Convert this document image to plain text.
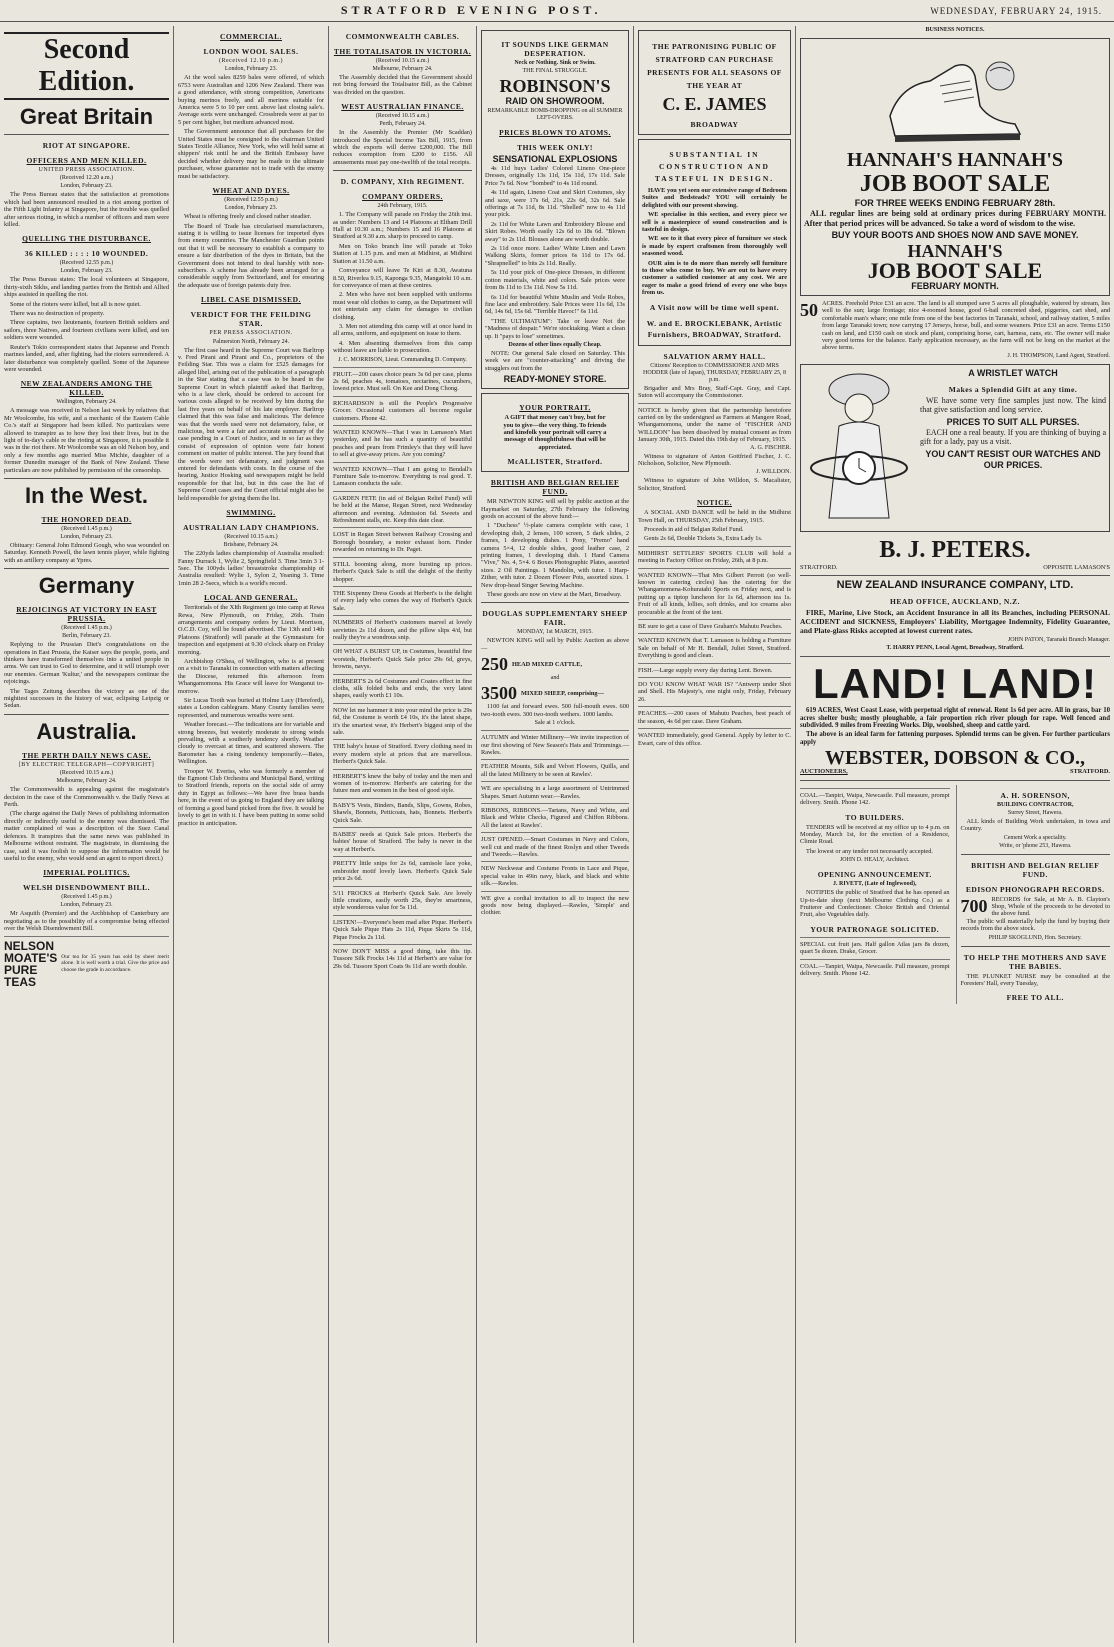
STRATFORD EVENING POST.	WEDNESDAY, FEBRUARY 24, 1915.
Second Edition.
Great Britain
RIOT AT SINGAPORE.
OFFICERS AND MEN KILLED.
UNITED PRESS ASSOCIATION.
(Received 12.20 a.m.)
London, February 23.

The Press Bureau states that the satisfaction at promotions which had been announced resulted in a riot among portion of the Fifth Light Infantry at Singapore, but the trouble was quelled after serious rioting, in which a number of officers and men were killed.

QUELLING THE DISTURBANCE.
36 KILLED : : : : 10 WOUNDED.
(Received 12.55 p.m.)
London, February 23.

The Press Bureau states: The local volunteers at Singapore, thirty-sixth Sikhs, and landing parties from the British and Allied ships assisted in quelling the riot.

Some of the rioters were killed, but all is now quiet.

There was no destruction of property.

Three captains, two lieutenants, fourteen British soldiers and sailors, three Natives, and fourteen civilians were killed, and ten soldiers were wounded.

Reuter's Tokio correspondent states that Japanese and French marines landed, and, after fighting, had the rioters surrendered. A later disturbance was completely quelled. Some of the Japanese were wounded.

NEW ZEALANDERS AMONG THE KILLED.
Wellington, February 24.

A message was received in Nelson last week by relatives that Mr Woolcombe, his wife, and a mechanic of the Eastern Cable Co.'s staff at Singapore had been killed. No particulars were allowed to transpire as to how they lost their lives, but in the light of to-day's cable re the rioting at Singapore, it is possible it was in the riot there. Mr Woolcombe was an old Nelson boy, and only a few months ago married Miss Michie, daughter of a former Dunedin manager of the Bank of New Zealand. These particulars are now published by permission of the censorship.

In the West.
THE HONORED DEAD.
(Received 1.45 p.m.)
London, February 23.

Obituary: General John Edmond Gough, who was wounded on Saturday. Kenneth Powell, the lawn tennis player, while fighting with an artillery company at Ypres.

Germany
REJOICINGS AT VICTORY IN EAST PRUSSIA.
(Received 1.45 p.m.)
Berlin, February 23.

Replying to the Prussian Diet's congratulations on the operations in East Prussia, the Kaiser says the people, poets, and thinkers have transformed themselves into a united people in arms. We can trust to God to determine, and it will triumph over our enemies. German 'Kultur,' and the newspapers continue the rejoicings.

The Tages Zeitung describes the victory as one of the mightiest successes in the history of war, eclipsing Leipzig or Sedan.

Australia.
THE PERTH DAILY NEWS CASE.
[BY ELECTRIC TELEGRAPH—COPYRIGHT]
(Received 10.15 a.m.)
Melbourne, February 24.

The Commonwealth is appealing against the magistrate's decision in the case of the Commonwealth v. the Daily News at Perth.

(The charge against the Daily News of publishing information directly or indirectly useful to the enemy was dismissed. The matter complained of was a description of the Suez Canal defences. It transpires that the same news was published in Melbourne without restraint. The magistrate, in dismissing the case, said it was foolish to suppose the information would be useful to the enemy, who would send an agent to report direct.)

IMPERIAL POLITICS.
WELSH DISENDOWMENT BILL.
(Received 1.45 p.m.)
London, February 23.

Mr Asquith (Premier) and the Archbishop of Canterbury are negotiating as to the possibility of a compromise being effected over the Welsh Disendowment Bill.

NELSON MOATE'S PURE TEAS
Our tea for 35 years has sold by sheer merit alone. It is well worth a trial. Give the price and choose the grade in accordance.
COMMERCIAL.
LONDON WOOL SALES.
(Received 12.10 p.m.)
London, February 23.

At the wool sales 8259 bales were offered, of which 6753 were Australian and 1206 New Zealand. There was a good attendance, with strong competition, Americans buying merinos freely, and all merinos suitable for America were 5 to 10 per cent. above last closing sale's. Average sorts were unchanged. Crossbreds were at par to 5 per cent higher, but medium advanced most.

The Government announce that all purchases for the United States must be consigned to the chairman United States Textile Alliance, New York, who will hold same at shippers' risk until he and the British Embassy have decided whether delivery may be made to the ultimate purchaser, whose guarantee not to trade with the enemy must be satisfactory.

WHEAT AND DYES.
(Received 12.55 p.m.)
London, February 23.

Wheat is offering freely and closed rather steadier.

The Board of Trade has circularised manufacturers, stating it is willing to issue licenses for imported dyes from enemy countries. The Manchester Guardian points out that it will be necessary to establish a company to ensure a fair distribution of the dyes in Britain, but the Government does not intend to deal harshly with non-subscribers. A scheme has already been arranged for a considerable supply from Switzerland, and for ensuring the adequate use of foreign patents duty free.

LIBEL CASE DISMISSED.
VERDICT FOR THE FEILDING STAR.
PER PRESS ASSOCIATION.
Palmerston North, February 24.

The first case heard in the Supreme Court was Barltrop v. Fred Pirani and Pirani and Co., proprietors of the Feilding Star. This was a claim for £525 damages for alleged libel, arising out of the publication of a paragraph in the Star stating that a case was to be heard in the Supreme Court in which plaintiff asked that Barltrop, who is a law clerk, should be ordered to account for various costs alleged to be received by him during the last five years on behalf of his late employer. Barltrop claimed that this was false and malicious. The defence was that the words used were not defamatory, false, or malicious, but were a fair and accurate summary of the case pending in a Court of Justice, and in so far as they consist of expression of opinion were fair honest comment on matter of public interest. The jury found that the words were not defamatory, and judgment was entered for defendants with costs. In the course of the hearing, Justice Hosking said newspapers might be held responsible for that list, but in this case the list of Supreme Court cases and the Court official might also be held responsible for giving them the list.

SWIMMING.
AUSTRALIAN LADY CHAMPIONS.
(Received 10.15 a.m.)
Brisbane, February 24.

The 220yds ladies championship of Australia resulted: Fanny Durrack 1, Wylie 2, Springfield 3. Time 3min 3 1-5sec. The 100yds ladies' breaststroke championship of Australia resulted: Wylie 1, Sylon 2, Yeaning 3. Time 1min 28 2-5secs, which is a world's record.

LOCAL AND GENERAL.

Territorials of the XIth Regiment go into camp at Rewa Rewa, New Plymouth, on Friday, 26th. Train arrangements and company orders by Lieut. Morrison, O.C.D. Coy, will be found advertised. The 13th and 14th Platoons (Stratford) will parade at the Gymnasium for inspection and equipment at 9.30 o'clock sharp on Friday morning.

Archbishop O'Shea, of Wellington, who is at present on a visit to Taranaki in connection with matters affecting the Diocese, returned this afternoon from Whangamomona. His Grace will leave for Wanganui to-morrow.

Sir Lucas Tooth was buried at Holme Lacy (Hereford), states a London cablegram. Many County families were represented, and numerous wreaths were sent.

Weather forecast.—The indications are for variable and strong breezes, but westerly moderate to strong winds prevailing, with a southerly tendency shortly. Weather cloudy to overcast at times, and scattered showers. The Barometer has a rising tendency temporarily.—Bates, Wellington.

Trooper W. Everiss, who was formerly a member of the Egmont Club Orchestra and Municipal Band, writing to Stratford friends, reports on the social side of army duty in Egypt as follows:—We have five brass bands here, in the event of us going to England they are talking of forming a good band picked from the five. It would be lovely to get in with it. I have been putting in some solid practice in anticipation.

COMMONWEALTH CABLES.
THE TOTALISATOR IN VICTORIA.
(Received 10.15 a.m.)
Melbourne, February 24.

The Assembly decided that the Government should not bring forward the Totalisator Bill, as the Cabinet was divided on the question.

WEST AUSTRALIAN FINANCE.
(Received 10.15 a.m.)
Perth, February 24.

In the Assembly the Premier (Mr Scaddan) introduced the Special Income Tax Bill, 1915, from which the exports will derive £200,000. The Bill reduces exemption from £200 to £156. All amusements must pay one-twelfth of the total receipts.

D. COMPANY, XIth REGIMENT.
COMPANY ORDERS.
24th February, 1915.

1. The Company will parade on Friday the 26th inst. as under: Numbers 13 and 14 Platoons at Eltham Drill Hall at 10.30 a.m.; Numbers 15 and 16 Platoons at Stratford at 9.30 a.m. sharp to proceed to camp.

Men on Toko branch line will parade at Toko Station at 1.15 p.m. and men at Midhirst, at Midhirst Station at 11.50 a.m.

Conveyance will leave Te Kiri at 8.30, Awatuna 8.50, Riverlea 9.15, Kaponga 9.35, Mangatoki 10 a.m. for conveyance of men at these centres.

2. Men who have not been supplied with uniforms must wear old clothes to camp, as the Department will not entertain any claim for damages to civilian clothing.

3. Men not attending this camp will at once hand in all arms, uniform, and equipment on issue to them.

4. Men absenting themselves from this camp without leave are liable to prosecution.

J. C. MORRISON, Lieut. Commanding D. Company.
FRUIT.—200 cases choice pears 3s 6d per case, plums 2s 6d, peaches 4s, tomatoes, nectarines, cucumbers, lowest price. Must sell. On Kee and Dong Chong.
RICHARDSON is still the People's Progressive Grocer. Occasional customers all become regular customers. Phone 42.
WANTED KNOWN—That I was in Lamason's Mart yesterday, and he has such a quantity of beautiful peaches and pears from Frimley's that they will have to sell at give-away prices. Are you coming?
WANTED KNOWN—That I am going to Bendall's Furniture Sale to-morrow. Everything is real good. T. Lamason conducts the sale.
GARDEN FETE (in aid of Belgian Relief Fund) will be held at the Manse, Regan Street, next Wednesday afternoon and evening. Admission 6d. Sweets and Refreshment stalls, etc. Keep this date clear.
LOST in Regan Street between Railway Crossing and Borough boundary, a motor exhaust horn. Finder rewarded on returning to Dr. Paget.
STILL booming along, more bursting up prices. Herbert's Quick Sale is still the delight of the thrifty shopper.
THE Sixpenny Dress Goods at Herbert's is the delight of every lady who comes the way of Herbert's Quick Sale.
NUMBERS of Herbert's customers marvel at lovely serviettes 2s 11d dozen, and the pillow slips 4/d, but really they're a wondrous snip.
OH WHAT A BURST UP, in Costumes, beautiful fine worsteds, Herbert's Quick Sale price 29s 6d, greys, browns, navys.
HERBERT'S 2s 6d Costumes and Coates effect in fine cloths, silk folded belts and ends, the very latest shapes, easily worth £1 10s.
NOW let me hammer it into your mind the price is 29s 6d, the Costume is worth £4 10s, it's the latest shape, it's the smartest wear, it's Herbert's biggest snip of the sale.
THE baby's house of Stratford. Every clothing need in every modern style at prices that are marvellous. Herbert's Quick Sale.
HERBERT'S knew the baby of today and the men and women of to-morrow. Herbert's are catering for the future men and women in the best of good style.
BABY'S Vests, Binders, Bands, Slips, Gowns, Robes, Shawls, Bonnets, Petticoats, hats, Bonnets. Herbert's Quick Sale.
BABIES' needs at Quick Sale prices. Herbert's the babies' house of Stratford. The baby is never in the way at Herbert's.
PRETTY little snips for 2s 6d, camisole lace yoke, embroider motif lovely lawn. Herbert's Quick Sale price 2s 6d.
5/11 FROCKS at Herbert's Quick Sale. Are lovely little creations, easily worth 25s, they're smartness, style wonderous value for 5s 11d.
LISTEN!—Everyone's been mad after Pique. Herbert's Quick Sale Pique Hats 2s 11d, Pique Skirts 5s 11d, Pique Frocks 2s 11d.
NOW DON'T MISS a good thing, take this tip. Tussore Silk Frocks 14s 11d at Herbert's are value for 29s 6d. Tussore Sport Coats 9s 11d are worth double.
IT SOUNDS LIKE GERMAN DESPERATION.
Neck or Nothing. Sink or Swim.
THE FINAL STRUGGLE.
ROBINSON'S
RAID ON SHOWROOM.
REMARKABLE BOMB-DROPPING on all SUMMER LEFT-OVERS.
PRICES BLOWN TO ATOMS.
THIS WEEK ONLY!
SENSATIONAL EXPLOSIONS

4s 11d buys Ladies' Colored Lineno One-piece Dresses, originally 13s 11d, 15s 11d, 17s 11d. Sale Price 7s 6d. Now "bombed" to 4s 11d round.

4s 11d again, Lineno Coat and Skirt Costumes, sky and saxe, were 17s 6d, 21s, 22s 6d, 32s 6d. Sale offerings at 7s 11d, 8s 11d. "Shelled" now to 4s 11d your pick.

2s 11d for White Lawn and Embroidery Blouse and Skirt Robes. Worth easily 12s 6d to 18s 6d. "Blown away" to 2s 11d. Blouses alone are worth double.

2s 11d once more. Ladies' White Linen and Lawn Walking Skirts, former prices 6s 11d to 17s 6d. "Shrapnelled" to bits 2s 11d. Really.

5s 11d your pick of One-piece Dresses, in different cotton materials, white and colors. Sale prices were from 8s 11d to 13s 11d. Now 5s 11d.

6s 11d for beautiful White Muslin and Voile Robes, fine lace and embroidery. Sale Prices were 11s 6d, 13s 6d, 14s 6d, 15s 6d. "Terrible Havoc!" 6s 11d.

"THE ULTIMATUM": Take or leave Not the "Madness of despair." We're stocktaking. Want a clean up. It "pays to lose" sometimes.

Dozens of other lines equally Cheap.

NOTE: Our general Sale closed on Saturday. This week we are "counter-attacking" and driving the stragglers out from the

READY-MONEY STORE.
YOUR PORTRAIT.
A GIFT that money can't buy, but for you to give—the very thing. To friends and kinsfolk your portrait will carry a message of thoughtfulness that will be appreciated.
McALLISTER, Stratford.
BRITISH AND BELGIAN RELIEF FUND.

MR NEWTON KING will sell by public auction at the Haymarket on Saturday, 27th February the following goods on account of the above fund:—

1 "Duchess" ½-plate camera complete with case, 1 developing dish, 2 lenses, 100 screen, 5 dark slides, 2 frames, 1 developing dishes. 1 Pony, "Premo" hand camera 5×4, 12 double slides, good leather case, 2 printing frames, 1 developing dish. 1 Hand Camera "Vive," No. 4, 5×4. 6 Boxes Photographic Plates, assorted sizes. 2 Oil Paintings. 1 Mandolin, with tutor. 1 Harp-Zither, with tutor. 2 Dozen Flower Pots, assorted sizes. 1 New drop-head Singer Sewing Machine.

These goods are now on view at the Mart, Broadway.

DOUGLAS SUPPLEMENTARY SHEEP FAIR.
MONDAY, 1st MARCH, 1915.

NEWTON KING will sell by Public Auction as above—

250 HEAD MIXED CATTLE,
and
3500 MIXED SHEEP, comprising—

1100 fat and forward ewes. 500 full-mouth ewes. 600 two-tooth ewes. 300 two-tooth wethers. 1000 lambs.

Sale at 1 o'clock.
AUTUMN and Winter Millinery—We invite inspection of our first showing of New Season's Hats and Trimmings.—Rawles.
FEATHER Mounts, Silk and Velvet Flowers, Quills, and all the latest Millinery to be seen at Rawles'.
WE are specialising in a large assortment of Untrimmed Shapes. Smart Autumn wear.—Rawles.
RIBBONS, RIBBONS.—Tartans, Navy and White, and Black and White Checks, Figured and Chiffon Ribbons. All the latest at Rawles'.
JUST OPENED.—Smart Costumes in Navy and Colors, well cut and made of the finest Roslyn and other Tweeds and Tweeds.—Rawles.
NEW Neckwear and Costume Fronts in Lace and Pique, special value in 49in navy, black, and black and white silk.—Rawles.
WE give a cordial invitation to all to inspect the new goods now being displayed.—Rawles, 'Simple' and clothier.
THE PATRONISING PUBLIC OF STRATFORD CAN PURCHASE PRESENTS FOR ALL SEASONS OF THE YEAR AT
C. E. JAMES
BROADWAY
SUBSTANTIAL IN CONSTRUCTION AND TASTEFUL IN DESIGN.

HAVE you yet seen our extensive range of Bedroom Suites and Bedsteads? YOU will certainly be delighted with our present showing.

WE specialise in this section, and every piece we sell is a masterpiece of sound construction and is tasteful in design.

WE see to it that every piece of furniture we stock is made by expert craftsmen from thoroughly well seasoned wood.

OUR aim is to do more than merely sell furniture to those who come to buy. We are out to have every customer a satisfied customer at any cost. We are eager to make a good friend of every one who buys from us.

A Visit now will be time well spent.
W. and E. BROCKLEBANK, Artistic Furnishers, BROADWAY, Stratford.
SALVATION ARMY HALL.
Citizens' Reception to COMMISSIONER AND MRS HODDER (late of Japan), THURSDAY, FEBRUARY 25, 8 p.m.

Brigadier and Mrs Bray, Staff-Capt. Gray, and Capt. Suton will accompany the Commissioner.

NOTICE is hereby given that the partnership heretofore carried on by the undersigned as Farmers at Mangere Road, Whangamomona, under the name of "FISCHER AND WILLDON" has been dissolved by mutual consent as from January 30th, 1915. Dated this 19th day of February, 1915.
A. G. FISCHER.

Witness to signature of Anton Gottfried Fischer, J. C. Nicholson, Solicitor, New Plymouth.

J. WILLDON.

Witness to signature of John Willdon, S. Macalister, Solicitor, Stratford.

NOTICE.

A SOCIAL AND DANCE will be held in the Midhirst Town Hall, on THURSDAY, 25th February, 1915.

Proceeds in aid of Belgian Relief Fund.

Gents 2s 6d, Double Tickets 3s, Extra Lady 1s.

MIDHIRST SETTLERS' SPORTS CLUB will hold a meeting in Factory Office on Friday, 26th, at 8 p.m.
WANTED KNOWN—That Mrs Gilbert Perrott (so well-known in catering circles) has the catering for the Whangamomena-Kohuratahi Sports on Friday next, and is putting up a tiptop luncheon for 1s 6d, afternoon tea 1s. Fruit of all kinds, lollies, soft drinks, and ice creams also procurable at the front of the tent.
BE sure to get a case of Dave Graham's Mahutu Peaches.
WANTED KNOWN that T. Lamason is holding a Furniture Sale on behalf of Mr H. Bendall, Juliet Street, Stratford. Everything is good and clean.
FISH.—Large supply every day during Lent. Bowen.
DO YOU KNOW WHAT WAR IS? "Antwerp under Shot and Shell. His Majesty's, one night only, Friday, February 26.
PEACHES.—200 cases of Mahutu Peaches, best peach of the season, 4s 6d per case. Dave Graham.
WANTED immediately, good General. Apply by letter to C. Ewart, care of this office.
BUSINESS NOTICES.
HANNAH'S HANNAH'S
JOB BOOT SALE
FOR THREE WEEKS ENDING FEBRUARY 28th.

ALL regular lines are being sold at ordinary prices during FEBRUARY MONTH. After that period prices will be advanced. So take a word of wisdom to the wise.

BUY YOUR BOOTS AND SHOES NOW AND SAVE MONEY.
HANNAH'S
JOB BOOT SALE
FEBRUARY MONTH.
50 ACRES. Freehold Price £31 an acre. The land is all stumped save 5 acres all ploughable, watered by stream, lies well to the sun; large frontage; nice 4-roomed house, good 6-bail concreted shed, piggeries, cart shed, and comfortable man's whare; one mile from one of the best factories in Taranaki, school, and railway station, 5 miles from large Taranaki town; now carrying 17 Jerseys, horse, bull, and some weaners. Price £31 an acre. Terms £150 cash on land, and £150 cash on stock and plant, comprising horse, cart, harness, cans, etc. The owner will make very good terms for the balance. Early application necessary, as the farm will not be long on the market at the above terms.
J. H. THOMPSON, Land Agent, Stratford.
A WRISTLET WATCH
Makes a Splendid Gift at any time.

WE have some very fine samples just now. The kind that give satisfaction and long service.

PRICES TO SUIT ALL PURSES.

EACH one a real beauty. If you are thinking of buying a gift for a lady, pay us a visit.

YOU CAN'T RESIST OUR WATCHES AND OUR PRICES.
B. J. PETERS.
STRATFORD.	OPPOSITE LAMASON'S
NEW ZEALAND INSURANCE COMPANY, LTD.
HEAD OFFICE, AUCKLAND, N.Z.

FIRE, Marine, Live Stock, an Accident Insurance in all its Branches, including PERSONAL ACCIDENT and SICKNESS, Employers' Liability, Mortgagee Indemnity, Fidelity Guarantee, and Plate-glass Risks accepted at lowest current rates.

JOHN PATON, Taranaki Branch Manager.
T. HARRY PENN, Local Agent, Broadway, Stratford.
LAND! LAND!

619 ACRES, West Coast Lease, with perpetual right of renewal. Rent 1s 6d per acre. All in grass, bar 10 acres shelter bush; mostly ploughable, a fair proportion rich river plough for rape. Well fenced and subdivided. 9 miles from Freezing Works. Dip, woolshed, sheep and cattle yard.

The above is an ideal farm for fattening purposes. Splendid terms can be given. For further particulars apply

WEBSTER, DOBSON & CO.,
AUCTIONEERS,	STRATFORD.
COAL.—Tanpiri, Waipa, Newcastle. Full measure, prompt delivery. Smith. Phone 142.
TO BUILDERS.

TENDERS will be received at my office up to 4 p.m. on Monday, March 1st, for the erection of a Residence, Climie Road.

The lowest or any tender not necessarily accepted.

JOHN D. HEALY, Architect.
OPENING ANNOUNCEMENT.
J. RIVETT, (Late of Inglewood),

NOTIFIES the public of Stratford that he has opened an Up-to-date shop (next Melbourne Clothing Co.) as a Fruiterer and Confectioner. Choice British and Oriental Fruit, also Vegetables daily.

YOUR PATRONAGE SOLICITED.
SPECIAL cut fruit jars. Half gallon Atlas jars 8s dozen, quart 5s dozen. Drake, Grocer.
COAL.—Tanpiri, Waipa, Newcastle. Full measure, prompt delivery. Smith. Phone 142.
A. H. SORENSON,
BUILDING CONTRACTOR,
Surrey Street, Hawera.

ALL kinds of Building Work undertaken, in towa and Country.

Cement Work a speciality.
Write, or 'phone 253, Hawera.
BRITISH AND BELGIAN RELIEF FUND.
EDISON PHONOGRAPH RECORDS.
700 RECORDS for Sale, at Mr A. B. Clayton's Shop, Whole of the proceeds to be devoted to the above fund.

The public will materially help the fund by buying their records from the above stock.

PHILIP SKOGLUND, Hon. Secretary.
TO HELP THE MOTHERS AND SAVE THE BABIES.

THE PLUNKET NURSE may be consulted at the Foresters' Hall, every Tuesday,

FREE TO ALL.
